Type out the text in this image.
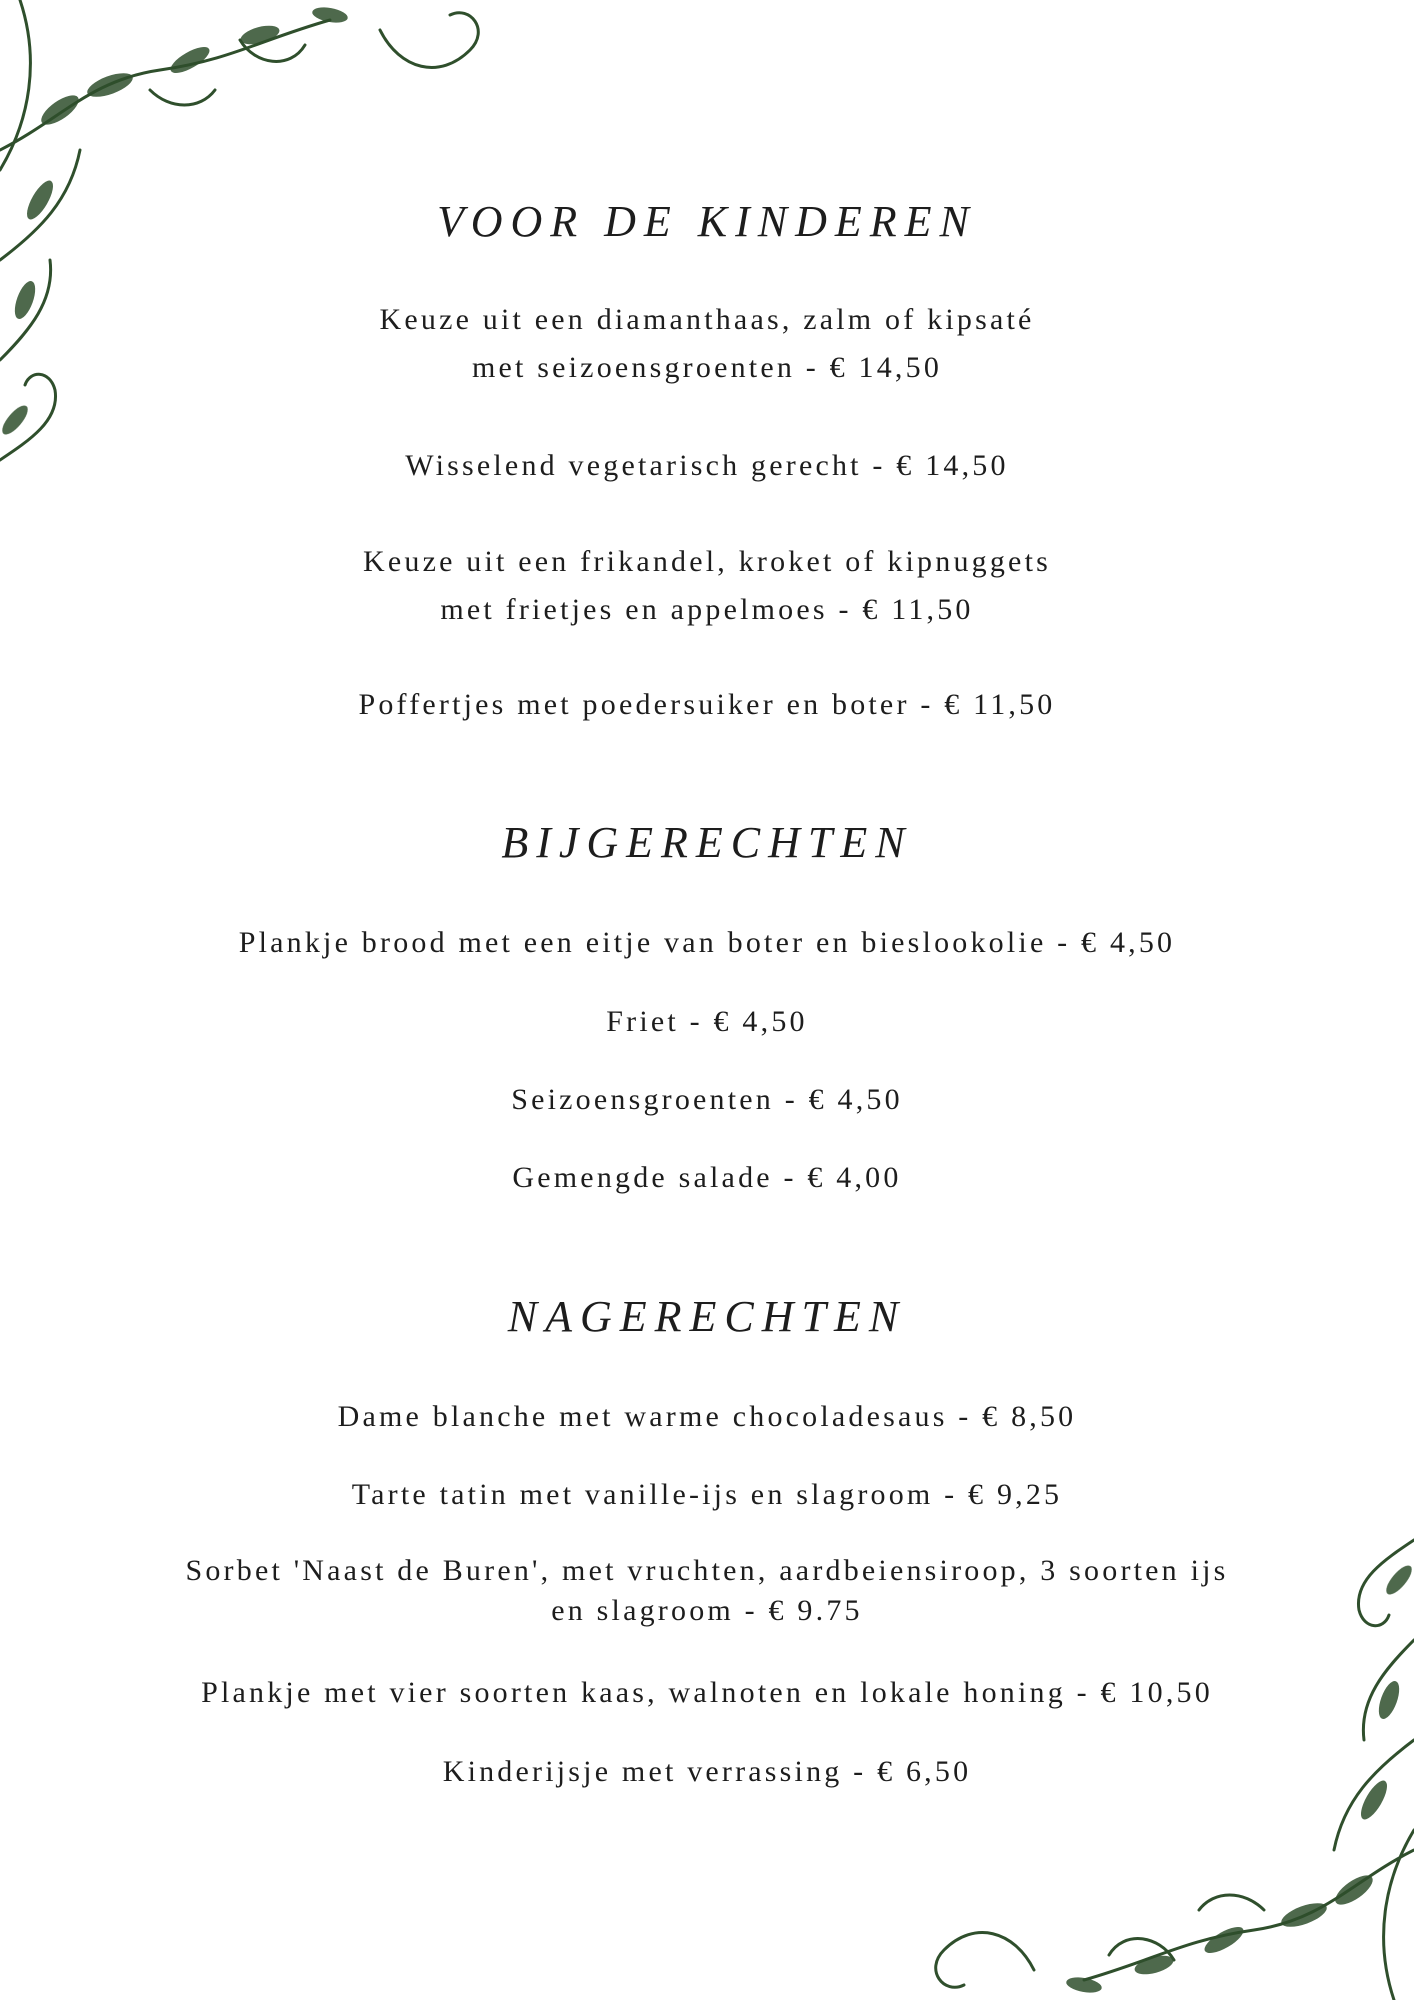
VOOR DE KINDEREN

Keuze uit een diamanthaas, zalm of kipsaté
met seizoensgroenten - € 14,50

Wisselend vegetarisch gerecht - € 14,50

Keuze uit een frikandel, kroket of kipnuggets
met frietjes en appelmoes - € 11,50

Poffertjes met poedersuiker en boter - € 11,50

BIJGERECHTEN

Plankje brood met een eitje van boter en bieslookolie - € 4,50

Friet - € 4,50

Seizoensgroenten - € 4,50

Gemengde salade - € 4,00

NAGERECHTEN

Dame blanche met warme chocoladesaus - € 8,50

Tarte tatin met vanille-ijs en slagroom - € 9,25

Sorbet 'Naast de Buren', met vruchten, aardbeiensiroop, 3 soorten ijs
en slagroom - € 9.75

Plankje met vier soorten kaas, walnoten en lokale honing - € 10,50

Kinderijsje met verrassing - € 6,50
